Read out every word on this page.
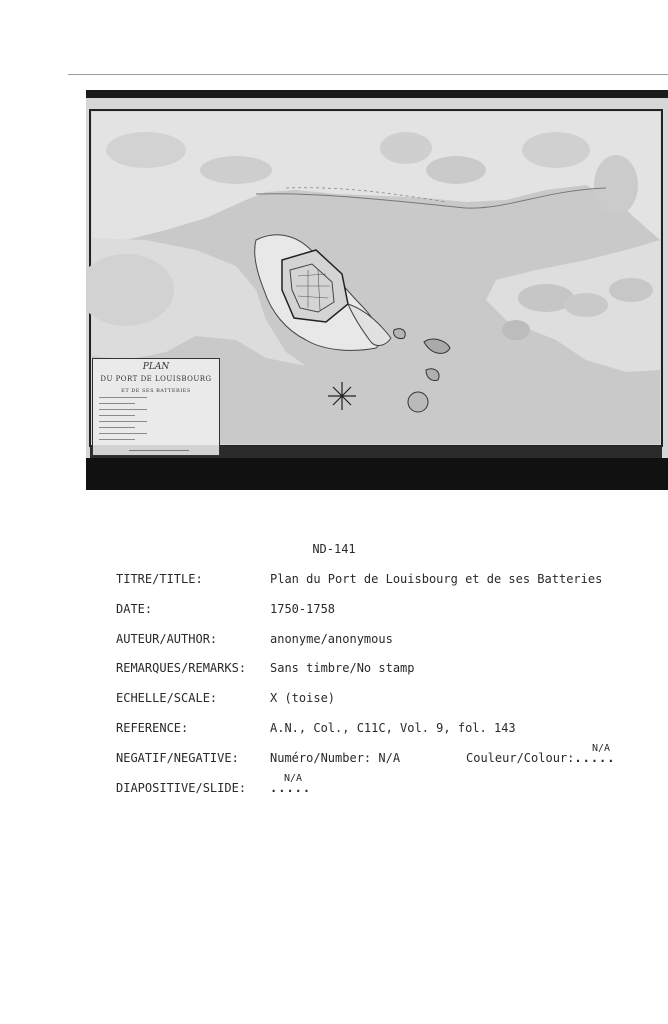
PLAN
DU PORT DE LOUISBOURG
ET DE SES BATTERIES
ND-141
TITRE/TITLE:	Plan du Port de Louisbourg et de ses Batteries
DATE:	1750-1758
AUTEUR/AUTHOR:	anonyme/anonymous
REMARQUES/REMARKS: Sans timbre/No stamp
ECHELLE/SCALE:	X (toise)
REFERENCE:	A.N., Col., C11C, Vol. 9, fol. 143
NEGATIF/NEGATIVE:	Numéro/Number: N/A	Couleur/Colour:.....
N/A
DIAPOSITIVE/SLIDE: .....
N/A
